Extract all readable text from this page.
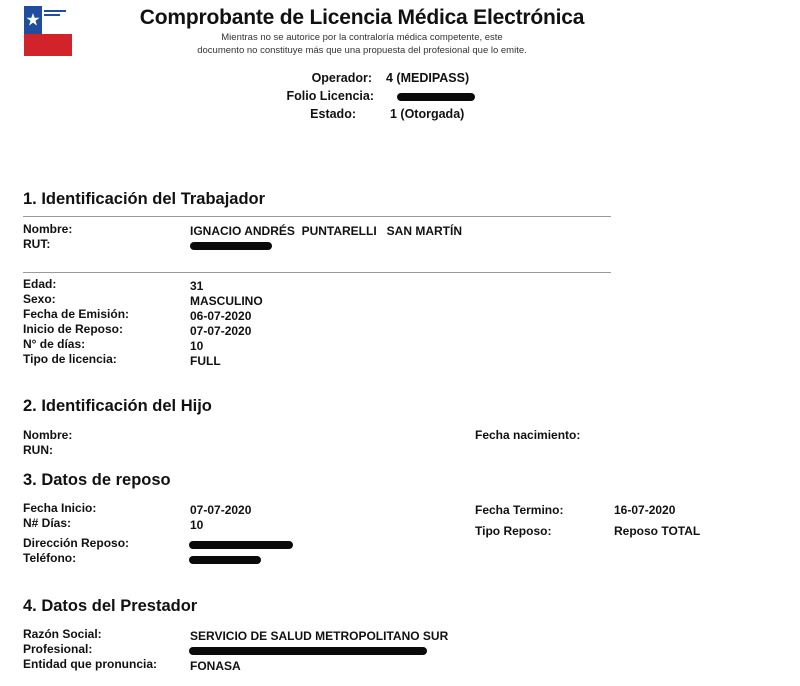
Comprobante de Licencia Médica Electrónica
Mientras no se autorice por la contraloría médica competente, este
documento no constituye más que una propuesta del profesional que lo emite.
Operador: 4 (MEDIPASS)
Folio Licencia:
Estado:	1 (Otorgada)
1. Identificación del Trabajador
Nombre:	IGNACIO ANDRÉS  PUNTARELLI   SAN MARTÍN
RUT:
Edad:	31
Sexo:	MASCULINO
Fecha de Emisión:	06-07-2020
Inicio de Reposo:	07-07-2020
N° de días:	10
Tipo de licencia:	FULL
2. Identificación del Hijo
Nombre:
RUN:
Fecha nacimiento:
3. Datos de reposo
Fecha Inicio:	07-07-2020
N# Días:	10
Dirección Reposo:
Teléfono:
Fecha Termino:	16-07-2020
Tipo Reposo:	Reposo TOTAL
4. Datos del Prestador
Razón Social:	SERVICIO DE SALUD METROPOLITANO SUR
Profesional:
Entidad que pronuncia:	FONASA
